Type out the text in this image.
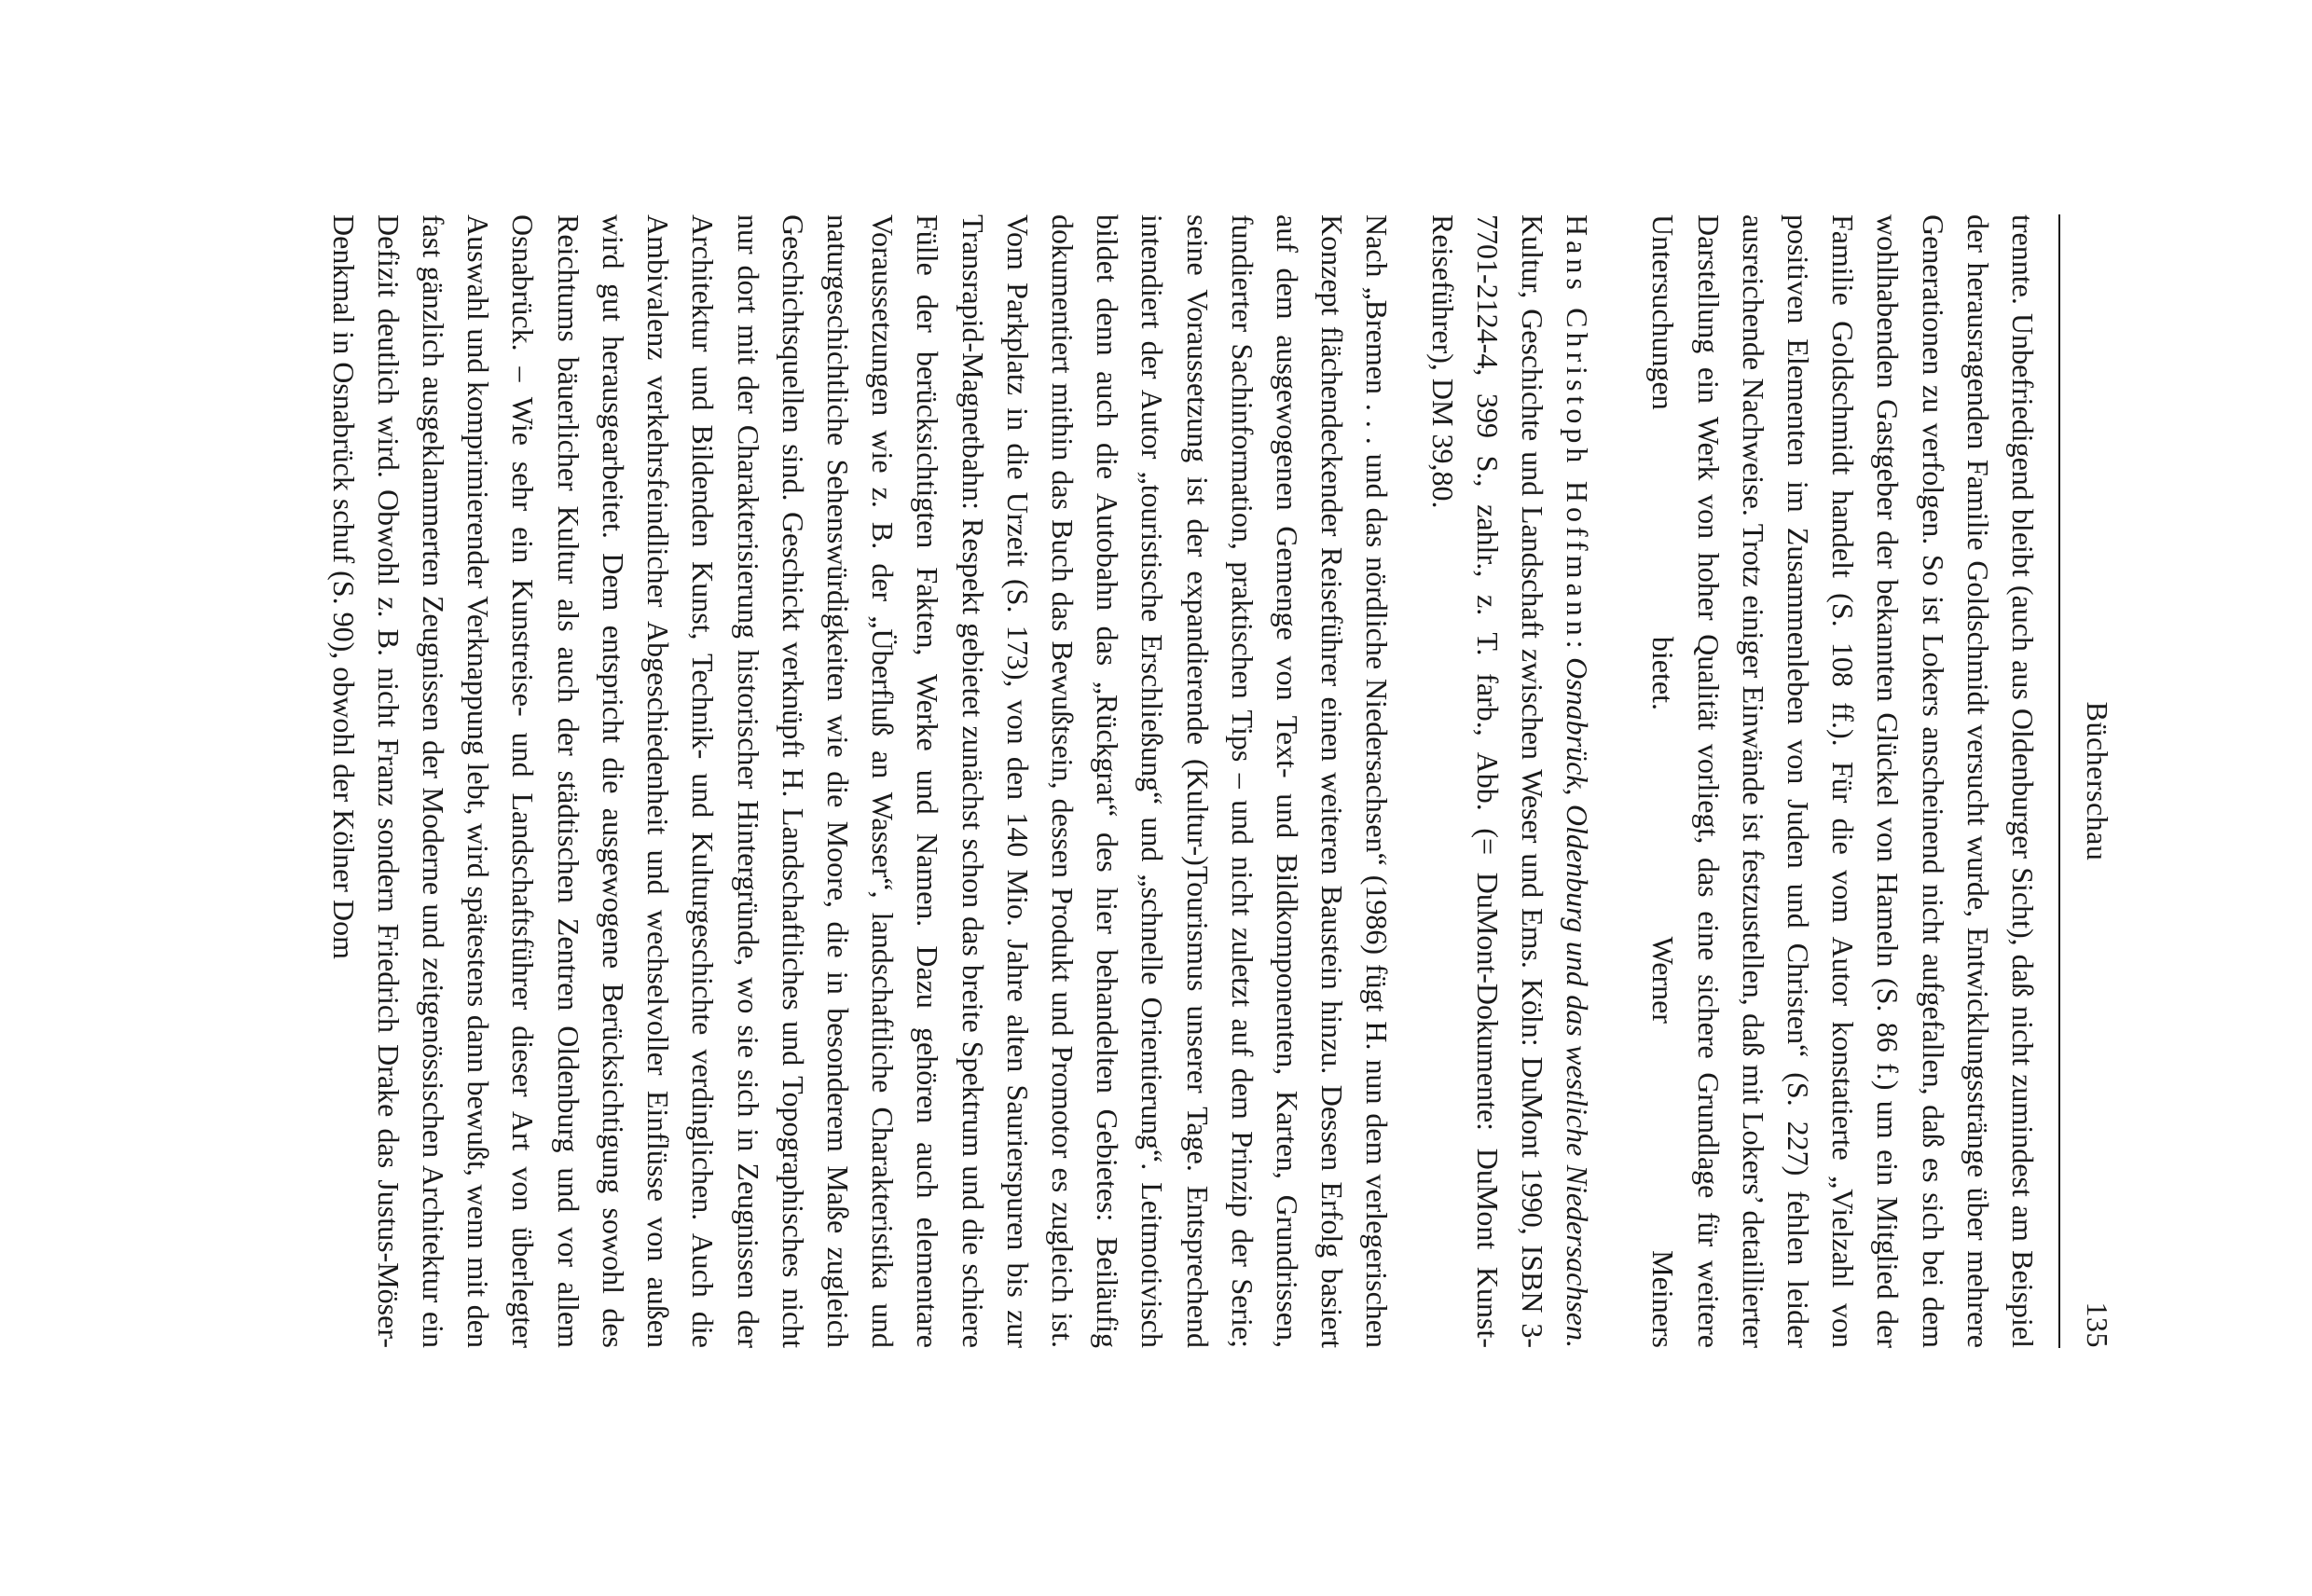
Bücherschau
135

trennte. Unbefriedigend bleibt (auch aus Oldenburger Sicht), daß nicht zumindest am Beispiel der herausragenden Familie Goldschmidt versucht wurde, Entwicklungsstränge über mehrere Generationen zu verfolgen. So ist Lokers anscheinend nicht aufgefallen, daß es sich bei dem wohlhabenden Gastgeber der bekannten Glückel von Hameln (S. 86 f.) um ein Mitglied der Familie Goldschmidt handelt (S. 108 ff.). Für die vom Autor konstatierte „Vielzahl von positiven Elementen im Zusammenleben von Juden und Christen“ (S. 227) fehlen leider ausreichende Nachweise. Trotz einiger Einwände ist festzustellen, daß mit Lokers’ detaillierter Darstellung ein Werk von hoher Qualität vorliegt, das eine sichere Grundlage für weitere Untersuchungen bietet. Werner Meiners

Hans Christoph Hoffmann: Osnabrück, Oldenburg und das westliche Niedersachsen. Kultur, Geschichte und Landschaft zwischen Weser und Ems. Köln: DuMont 1990, ISBN 3-7701-2124-4, 399 S., zahlr., z. T. farb., Abb. (= DuMont-Dokumente: DuMont Kunst-Reiseführer), DM 39,80.

Nach „Bremen . . . und das nördliche Niedersachsen“ (1986) fügt H. nun dem verlegerischen Konzept flächendeckender Reiseführer einen weiteren Baustein hinzu. Dessen Erfolg basiert auf dem ausgewogenen Gemenge von Text- und Bildkomponenten, Karten, Grundrissen, fundierter Sachinformation, praktischen Tips – und nicht zuletzt auf dem Prinzip der Serie; seine Voraussetzung ist der expandierende (Kultur-)Tourismus unserer Tage. Entsprechend intendiert der Autor „touristische Erschließung“ und „schnelle Orientierung“. Leitmotivisch bildet denn auch die Autobahn das „Rückgrat“ des hier behandelten Gebietes: Beiläufig dokumentiert mithin das Buch das Bewußtsein, dessen Produkt und Promotor es zugleich ist. Vom Parkplatz in die Urzeit (S. 173), von den 140 Mio. Jahre alten Saurierspuren bis zur Transrapid-Magnetbahn: Respekt gebietet zunächst schon das breite Spektrum und die schiere Fülle der berücksichtigten Fakten, Werke und Namen. Dazu gehören auch elementare Voraussetzungen wie z. B. der „Überfluß an Wasser“, landschaftliche Charakteristika und naturgeschichtliche Sehenswürdigkeiten wie die Moore, die in besonderem Maße zugleich Geschichtsquellen sind. Geschickt verknüpft H. Landschaftliches und Topographisches nicht nur dort mit der Charakterisierung historischer Hintergründe, wo sie sich in Zeugnissen der Architektur und Bildenden Kunst, Technik- und Kulturgeschichte verdinglichen. Auch die Ambivalenz verkehrsfeindlicher Abgeschiedenheit und wechselvoller Einflüsse von außen wird gut herausgearbeitet. Dem entspricht die ausgewogene Berücksichtigung sowohl des Reichtums bäuerlicher Kultur als auch der städtischen Zentren Oldenburg und vor allem Osnabrück. – Wie sehr ein Kunstreise- und Landschaftsführer dieser Art von überlegter Auswahl und komprimierender Verknappung lebt, wird spätestens dann bewußt, wenn mit den fast gänzlich ausgeklammerten Zeugnissen der Moderne und zeitgenössischen Architektur ein Defizit deutlich wird. Obwohl z. B. nicht Franz sondern Friedrich Drake das Justus-Möser-Denkmal in Osnabrück schuf (S. 90), obwohl der Kölner Dom
